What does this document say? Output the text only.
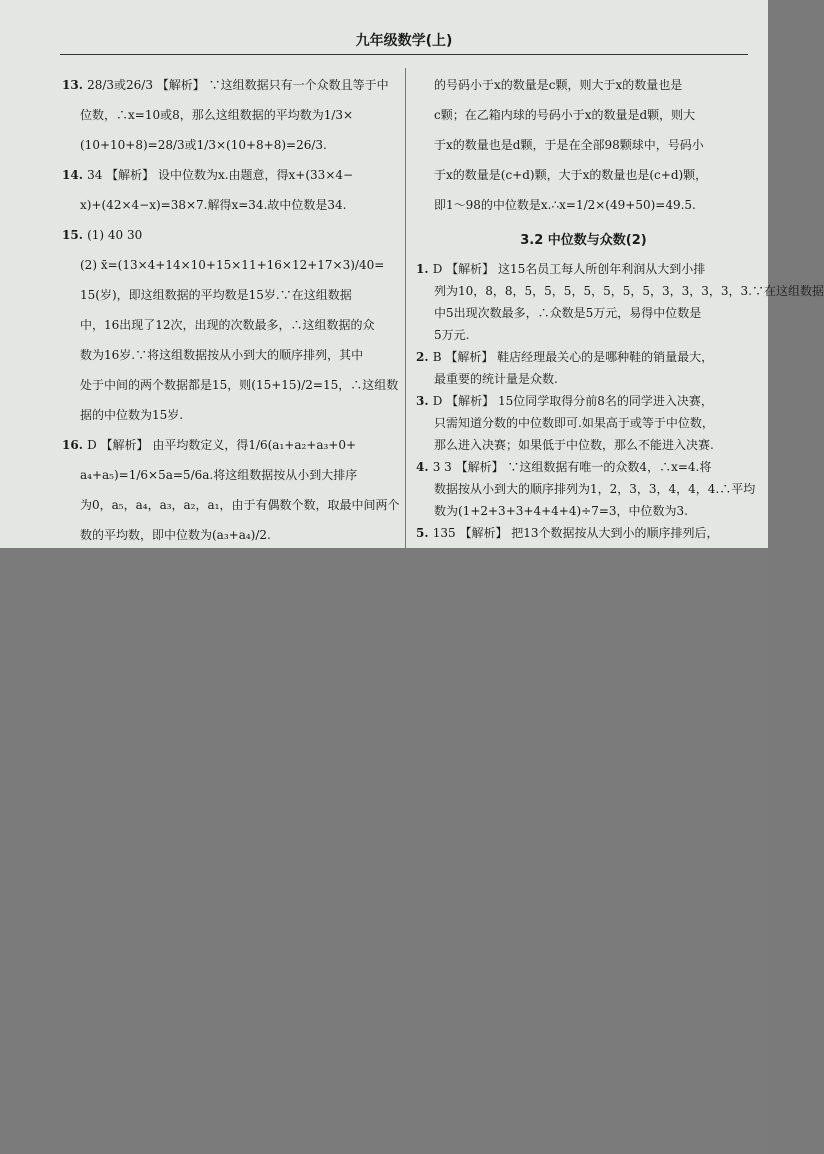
九年级数学(上)
13. 28/3或26/3 【解析】 ∵这组数据只有一个众数且等于中
位数，∴x=10或8，那么这组数据的平均数为1/3×
(10+10+8)=28/3或1/3×(10+8+8)=26/3.
14. 34 【解析】 设中位数为x.由题意，得x+(33×4−
x)+(42×4−x)=38×7.解得x=34.故中位数是34.
15. (1) 40 30
(2) x̄=(13×4+14×10+15×11+16×12+17×3)/40=
15(岁)，即这组数据的平均数是15岁.∵在这组数据
中，16出现了12次，出现的次数最多，∴这组数据的众
数为16岁.∵将这组数据按从小到大的顺序排列，其中
处于中间的两个数据都是15，则(15+15)/2=15，∴这组数
据的中位数为15岁.
16. D 【解析】 由平均数定义，得1/6(a₁+a₂+a₃+0+
a₄+a₅)=1/6×5a=5/6a.将这组数据按从小到大排序
为0，a₅，a₄，a₃，a₂，a₁，由于有偶数个数，取最中间两个
数的平均数，即中位数为(a₃+a₄)/2.
的号码小于x的数量是c颗，则大于x的数量也是
c颗；在乙箱内球的号码小于x的数量是d颗，则大
于x的数量也是d颗，于是在全部98颗球中，号码小
于x的数量是(c+d)颗，大于x的数量也是(c+d)颗，
即1～98的中位数是x.∴x=1/2×(49+50)=49.5.
3.2 中位数与众数(2)
1. D 【解析】 这15名员工每人所创年利润从大到小排
列为10，8，8，5，5，5，5，5，5，5，3，3，3，3，3.∵在这组数据
中5出现次数最多，∴众数是5万元，易得中位数是
5万元.
2. B 【解析】 鞋店经理最关心的是哪种鞋的销量最大，
最重要的统计量是众数.
3. D 【解析】 15位同学取得分前8名的同学进入决赛，
只需知道分数的中位数即可.如果高于或等于中位数，
那么进入决赛；如果低于中位数，那么不能进入决赛.
4. 3 3 【解析】 ∵这组数据有唯一的众数4，∴x=4.将
数据按从小到大的顺序排列为1，2，3，3，4，4，4.∴平均
数为(1+2+3+3+4+4+4)÷7=3，中位数为3.
5. 135 【解析】 把13个数据按从大到小的顺序排列后，
